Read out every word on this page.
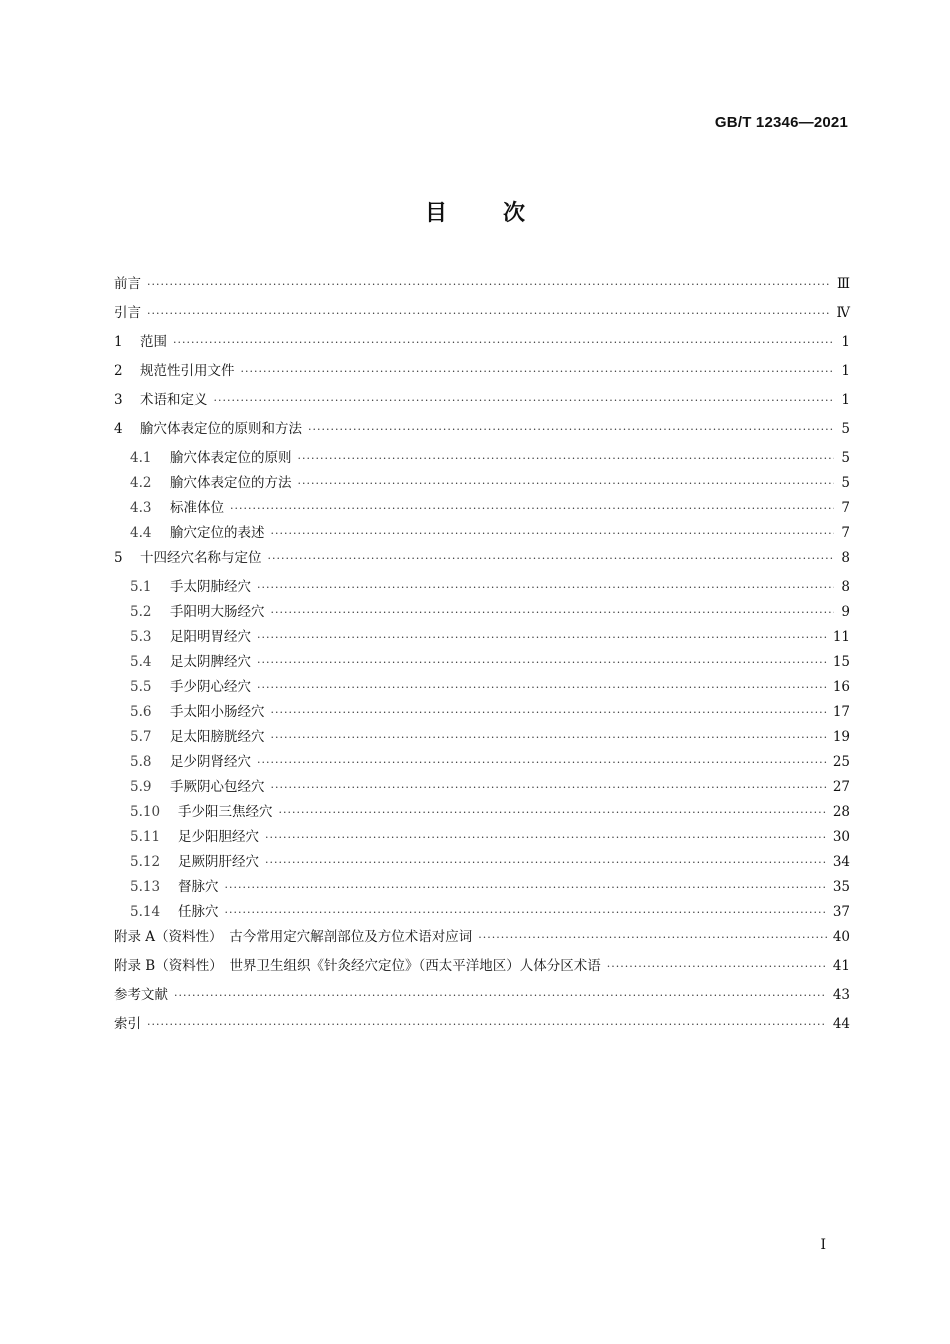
GB/T 12346—2021
目	次
前言 ·····	Ⅲ
引言 ·····	Ⅳ
1	范围 ·····	1
2	规范性引用文件 ·····	1
3	术语和定义 ·····	1
4	腧穴体表定位的原则和方法 ·····	5
4.1	腧穴体表定位的原则 ·····	5
4.2	腧穴体表定位的方法 ·····	5
4.3	标准体位 ·····	7
4.4	腧穴定位的表述 ·····	7
5	十四经穴名称与定位 ·····	8
5.1	手太阴肺经穴 ·····	8
5.2	手阳明大肠经穴 ·····	9
5.3	足阳明胃经穴 ·····	11
5.4	足太阴脾经穴 ·····	15
5.5	手少阴心经穴 ·····	16
5.6	手太阳小肠经穴 ·····	17
5.7	足太阳膀胱经穴 ·····	19
5.8	足少阴肾经穴 ·····	25
5.9	手厥阴心包经穴 ·····	27
5.10	手少阳三焦经穴 ·····	28
5.11	足少阳胆经穴 ·····	30
5.12	足厥阴肝经穴 ·····	34
5.13	督脉穴 ·····	35
5.14	任脉穴 ·····	37
附录 A（资料性）　古今常用定穴解剖部位及方位术语对应词 ·····	40
附录 B（资料性）　世界卫生组织《针灸经穴定位》（西太平洋地区）人体分区术语 ·····	41
参考文献 ·····	43
索引 ·····	44
I
